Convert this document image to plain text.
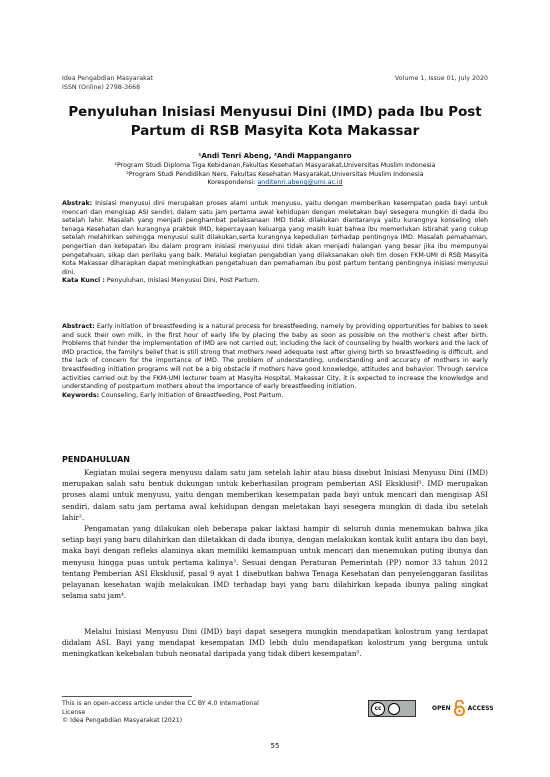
Idea Pengabdian Masyarakat	Volume 1, Issue 01, July 2020
ISSN (Online) 2798-3668
Penyuluhan Inisiasi Menyusui Dini (IMD) pada Ibu Post Partum di RSB Masyita Kota Makassar
¹Andi Tenri Abeng, ²Andi Mappanganro
¹Program Studi Diploma Tiga Kebidanan,Fakultas Kesehatan Masyarakat,Universitas Muslim Indonesia
²Program Studi Pendidikan Ners, Fakultas Kesehatan Masyarakat,Universitas Muslim Indonesia
Korespondensi: anditenri.abeng@umi.ac.id
Abstrak: Inisiasi menyusui dini merupakan proses alami untuk menyusu, yaitu dengan memberikan kesempatan pada bayi untuk mencari dan mengisap ASI sendiri, dalam satu jam pertama awal kehidupan dengan meletakan bayi sesegera mungkin di dada ibu setelah lahir. Masalah yang menjadi penghambat pelaksanaan IMD tidak dilakukan diantaranya yaitu kurangnya konseling oleh tenaga Kesehatan dan kurangnya praktek IMD, kepercayaan keluarga yang masih kuat bahwa ibu memerlukan istirahat yang cukup setelah melahirkan sehingga menyusui sulit dilakukan,serta kurangnya kepedulian terhadap pentingnya IMD. Masalah pemahaman, pengertian dan ketepatan ibu dalam program inisiasi menyusui dini tidak akan menjadi halangan yang besar jika ibu mempunyai pengetahuan, sikap dan perilaku yang baik. Melalui kegiatan pengabdian yang dilaksanakan oleh tim dosen FKM-UMI di RSB Masyita Kota Makassar diharapkan dapat meningkatkan pengetahuan dan pemahaman ibu post partum tentang pentingnya inisiasi menyusui dini.
Kata Kunci : Penyuluhan, Inisiasi Menyusui Dini, Post Partum.
Abstract: Early initiation of breastfeeding is a natural process for breastfeeding, namely by providing opportunities for babies to seek and suck their own milk, in the first hour of early life by placing the baby as soon as possible on the mother's chest after birth. Problems that hinder the implementation of IMD are not carried out, including the lack of counseling by health workers and the lack of IMD practice, the family's belief that is still strong that mothers need adequate rest after giving birth so breastfeeding is difficult, and the lack of concern for the importance of IMD. The problem of understanding, understanding and accuracy of mothers in early breastfeeding initiation programs will not be a big obstacle if mothers have good knowledge, attitudes and behavior. Through service activities carried out by the FKM-UMI lecturer team at Masyita Hospital, Makassar City, it is expected to increase the knowledge and understanding of postpartum mothers about the importance of early breastfeeding initiation.
Keywords: Counseling, Early Initiation of Breastfeeding, Post Partum.
PENDAHULUAN
Kegiatan mulai segera menyusu dalam satu jam setelah lahir atau biasa disebut Inisiasi Menyusu Dini (IMD) merupakan salah satu bentuk dukungan untuk keberhasilan program pemberian ASI Eksklusif¹. IMD merupakan proses alami untuk menyusu, yaitu dengan memberikan kesempatan pada bayi untuk mencari dan mengisap ASI sendiri, dalam satu jam pertama awal kehidupan dengan meletakan bayi sesegera mungkin di dada ibu setelah lahir².
Pengamatan yang dilakukan oleh beberapa pakar laktasi hampir di seluruh dunia menemukan bahwa jika setiap bayi yang baru dilahirkan dan diletakkan di dada ibunya, dengan melakukan kontak kulit antara ibu dan bayi, maka bayi dengan refleks alaminya akan memiliki kemampuan untuk mencari dan menemukan puting ibunya dan menyusu hingga puas untuk pertama kalinya³. Sesuai dengan Peraturan Pemerintah (PP) nomor 33 tahun 2012 tentang Pemberian ASI Eksklusif, pasal 9 ayat 1 disebutkan bahwa Tenaga Kesehatan dan penyelenggaran fasilitas pelayanan kesehatan wajib melakukan IMD terhadap bayi yang baru dilahirkan kepada ibunya paling singkat selama satu jam⁴.
Melalui Inisiasi Menyusu Dini (IMD) bayi dapat sesegera mungkin mendapatkan kolostrum yang terdapat didalam ASI. Bayi yang mendapat kesempatan IMD lebih dulu mendapatkan kolostrum yang berguna untuk meningkatkan kekebalan tubuh neonatal daripada yang tidak diberi kesempatan⁵.
This is an open-access article under the CC BY 4.0 International
License
© Idea Pengabdian Masyarakat (2021)
cc	OPEN	ACCESS
55
